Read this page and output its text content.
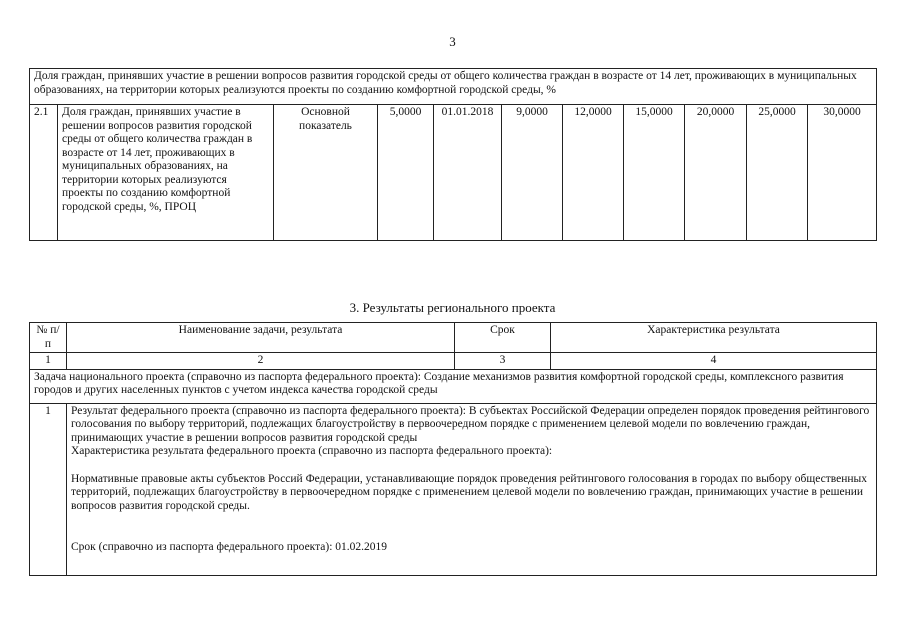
3
Доля граждан, принявших участие в решении вопросов развития городской среды от общего количества граждан в возрасте от 14 лет, проживающих в муниципальных образованиях, на территории которых реализуются проекты по созданию комфортной городской среды, %
2.1	Доля граждан, принявших участие в решении вопросов развития городской среды от общего количества граждан в возрасте от 14 лет, проживающих в муниципальных образованиях, на территории которых реализуются проекты по созданию комфортной городской среды, %, ПРОЦ	Основной показатель	5,0000	01.01.2018	9,0000	12,0000	15,0000	20,0000	25,0000	30,0000
3. Результаты регионального проекта
№ п/п	Наименование задачи, результата	Срок	Характеристика результата
1	2	3	4
Задача национального проекта (справочно из паспорта федерального проекта): Создание механизмов развития комфортной городской среды, комплексного развития городов и других населенных пунктов с учетом индекса качества городской среды			
1	Результат федерального проекта (справочно из паспорта федерального проекта): В субъектах Российской Федерации определен порядок проведения рейтингового голосования по выбору территорий, подлежащих благоустройству в первоочередном порядке с применением целевой модели по вовлечению граждан, принимающих участие в решении вопросов развития городской среды
Характеристика результата федерального проекта (справочно из паспорта федерального проекта):
Нормативные правовые акты субъектов Россий Федерации, устанавливающие порядок проведения рейтингового голосования в городах по выбору общественных территорий, подлежащих благоустройству в первоочередном порядке с применением целевой модели по вовлечению граждан, принимающих участие в решении вопросов развития городской среды.
Срок (справочно из паспорта федерального проекта): 01.02.2019		
